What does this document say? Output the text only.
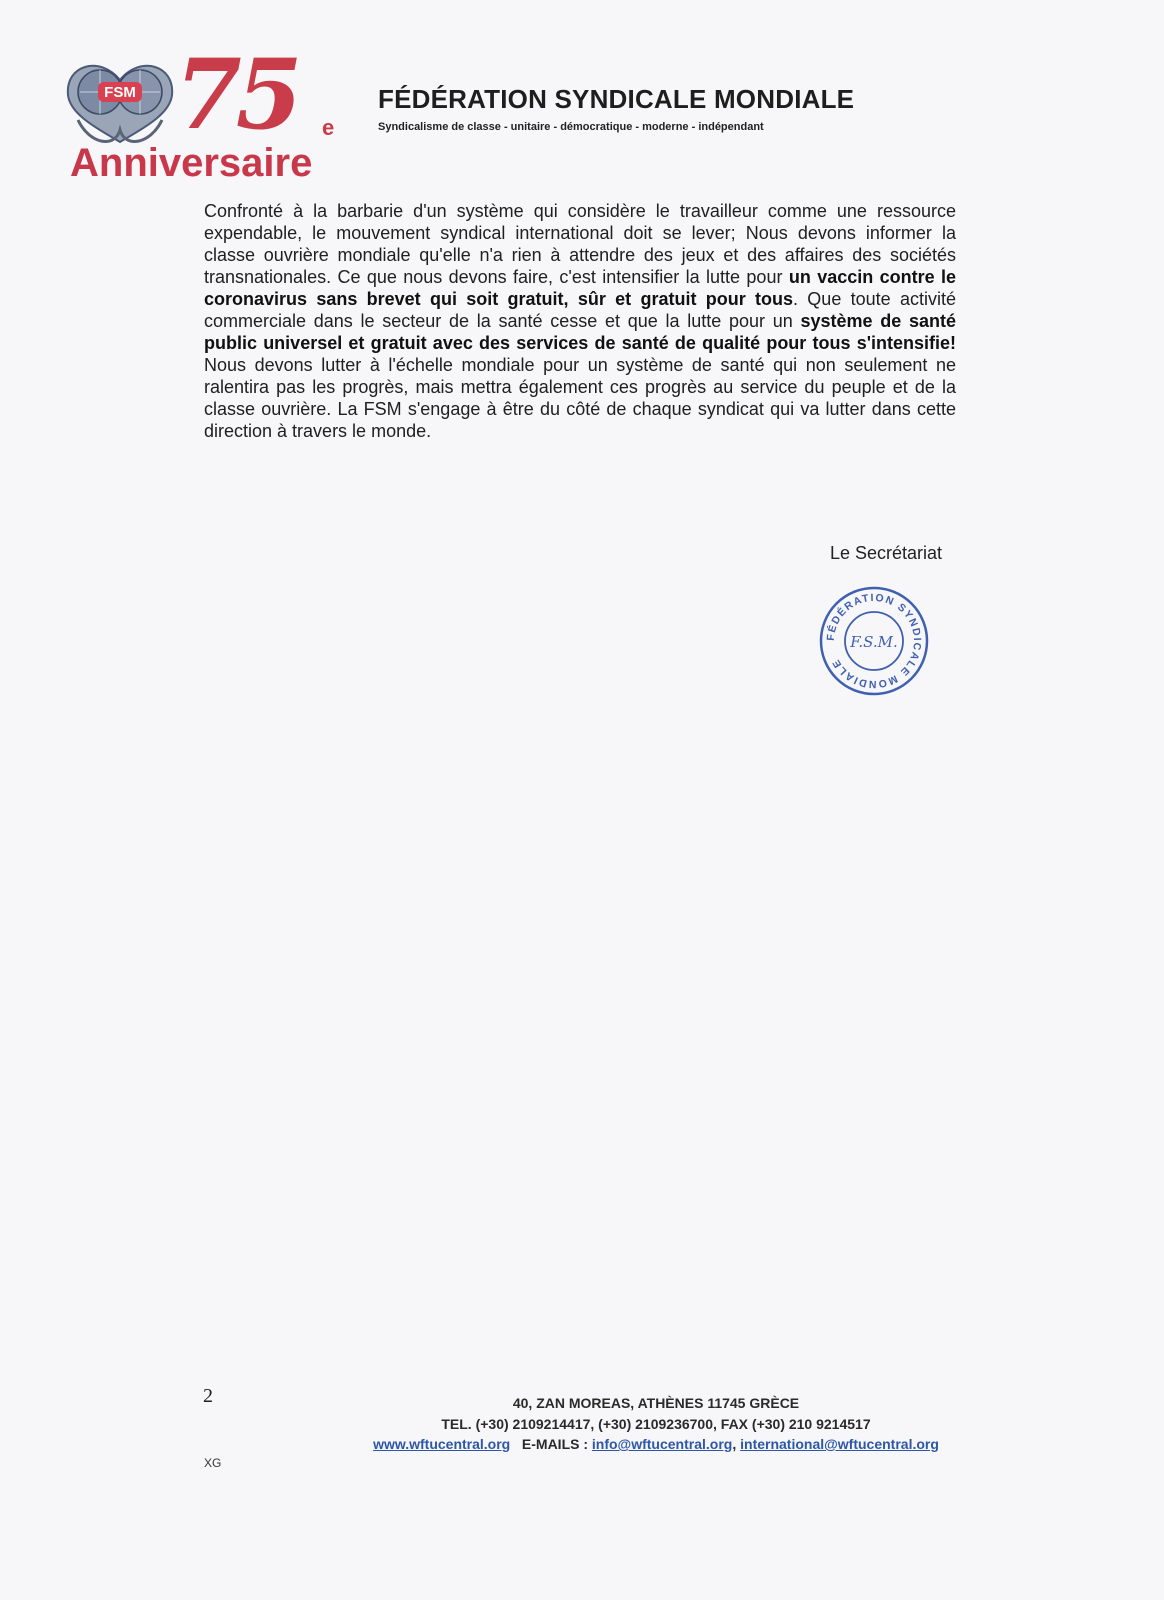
FSM 75 e
Anniversaire
FÉDÉRATION SYNDICALE MONDIALE
Syndicalisme de classe - unitaire - démocratique - moderne - indépendant
Confronté à la barbarie d'un système qui considère le travailleur comme une ressource expendable, le mouvement syndical international doit se lever; Nous devons informer la classe ouvrière mondiale qu'elle n'a rien à attendre des jeux et des affaires des sociétés transnationales. Ce que nous devons faire, c'est intensifier la lutte pour un vaccin contre le coronavirus sans brevet qui soit gratuit, sûr et gratuit pour tous. Que toute activité commerciale dans le secteur de la santé cesse et que la lutte pour un système de santé public universel et gratuit avec des services de santé de qualité pour tous s'intensifie! Nous devons lutter à l'échelle mondiale pour un système de santé qui non seulement ne ralentira pas les progrès, mais mettra également ces progrès au service du peuple et de la classe ouvrière. La FSM s'engage à être du côté de chaque syndicat qui va lutter dans cette direction à travers le monde.
Le Secrétariat
FÉDÉRATION SYNDICALE MONDIALE
F.S.M.
2	40, ZAN MOREAS, ATHÈNES 11745 GRÈCE
TEL. (+30) 2109214417, (+30) 2109236700, FAX (+30) 210 9214517
www.wftucentral.org E-MAILS : info@wftucentral.org, international@wftucentral.org
XG
